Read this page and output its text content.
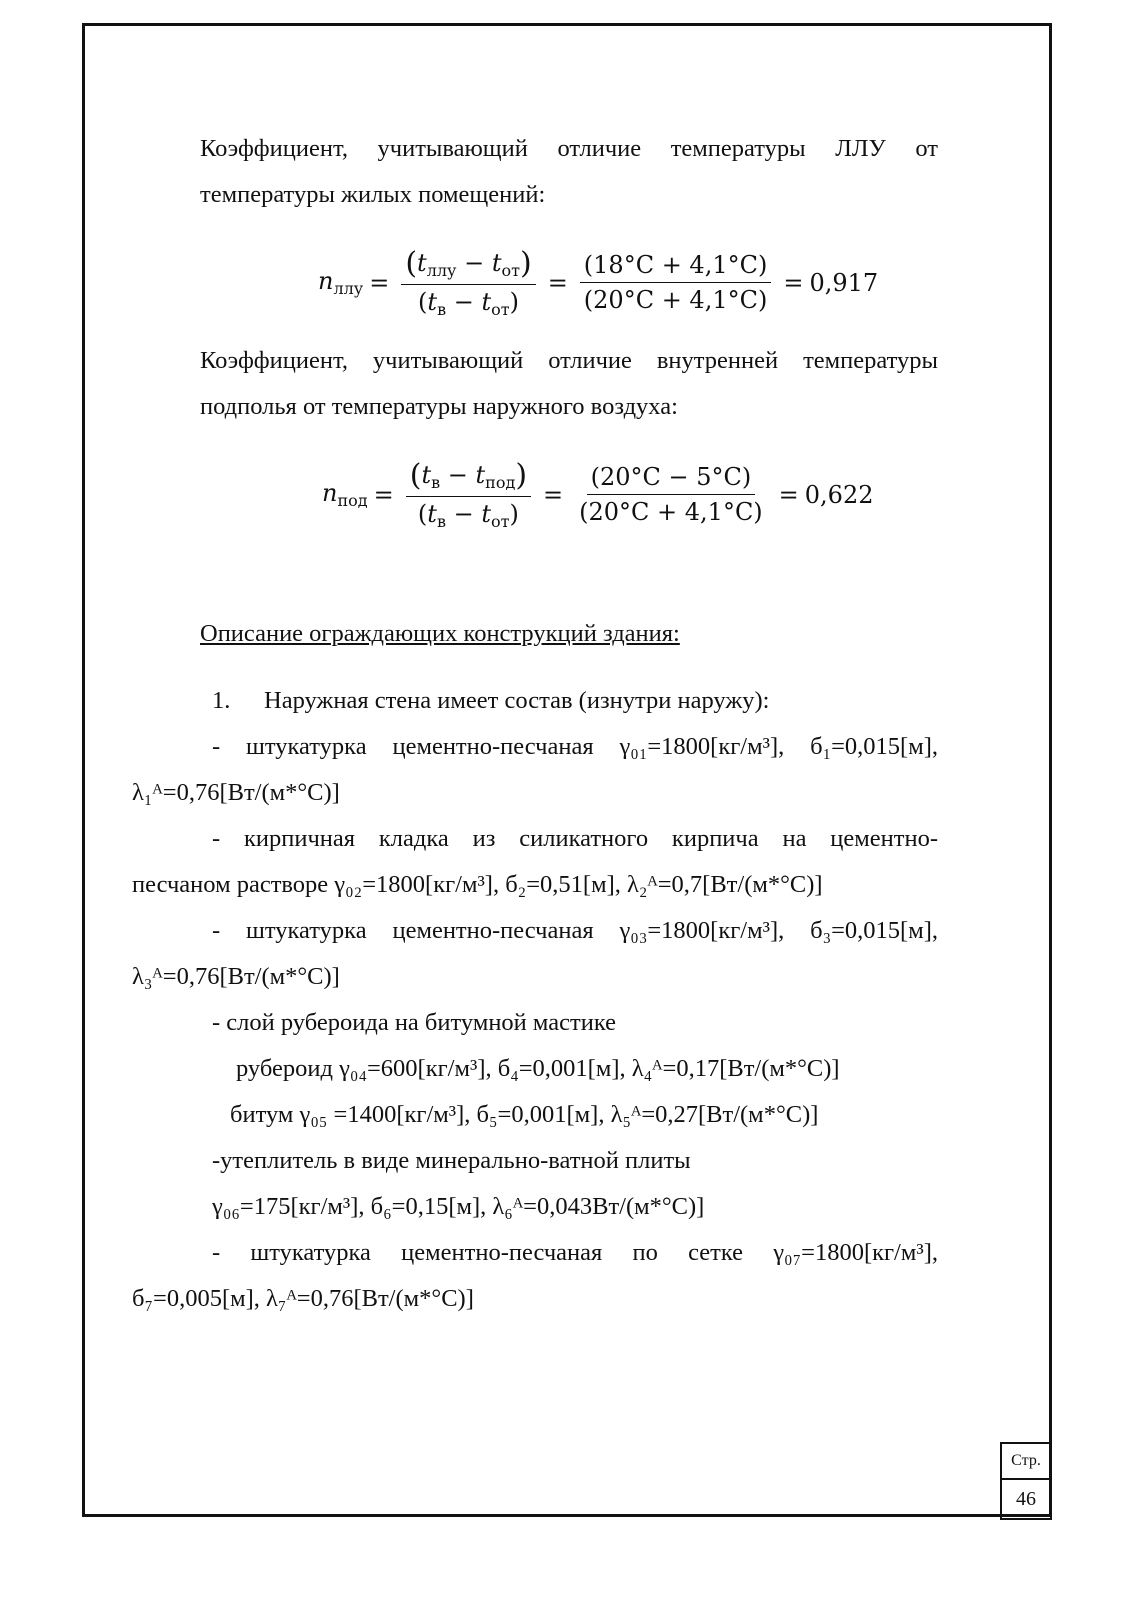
Коэффициент, учитывающий отличие температуры ЛЛУ от
температуры жилых помещений:
$n_{ллу} = \frac{(t_{ллу} - t_{от})}{(t_в - t_{от})} = \frac{(18^\circ C + 4,1^\circ C)}{(20^\circ C + 4,1^\circ C)} = 0,917$
Коэффициент, учитывающий отличие внутренней температуры
подполья от температуры наружного воздуха:
$n_{под} = \frac{(t_в - t_{под})}{(t_в - t_{от})} = \frac{(20^\circ C - 5^\circ C)}{(20^\circ C + 4,1^\circ C)} = 0,622$
Описание ограждающих конструкций здания:
1. Наружная стена имеет состав (изнутри наружу):
- штукатурка цементно-песчаная γ₀₁=1800[кг/м³], б₁=0,015[м],
λ₁ᴬ=0,76[Вт/(м*°С)]
- кирпичная кладка из силикатного кирпича на цементно-
песчаном растворе γ₀₂=1800[кг/м³], б₂=0,51[м], λ₂ᴬ=0,7[Вт/(м*°С)]
- штукатурка цементно-песчаная γ₀₃=1800[кг/м³], б₃=0,015[м],
λ₃ᴬ=0,76[Вт/(м*°С)]
- слой рубероида на битумной мастике
рубероид γ₀₄=600[кг/м³], б₄=0,001[м], λ₄ᴬ=0,17[Вт/(м*°С)]
битум γ₀₅ =1400[кг/м³], б₅=0,001[м], λ₅ᴬ=0,27[Вт/(м*°С)]
-утеплитель в виде минерально-ватной плиты
γ₀₆=175[кг/м³], б₆=0,15[м], λ₆ᴬ=0,043Вт/(м*°С)]
- штукатурка цементно-песчаная по сетке γ₀₇=1800[кг/м³],
б₇=0,005[м], λ₇ᴬ=0,76[Вт/(м*°С)]
Стр.
46
